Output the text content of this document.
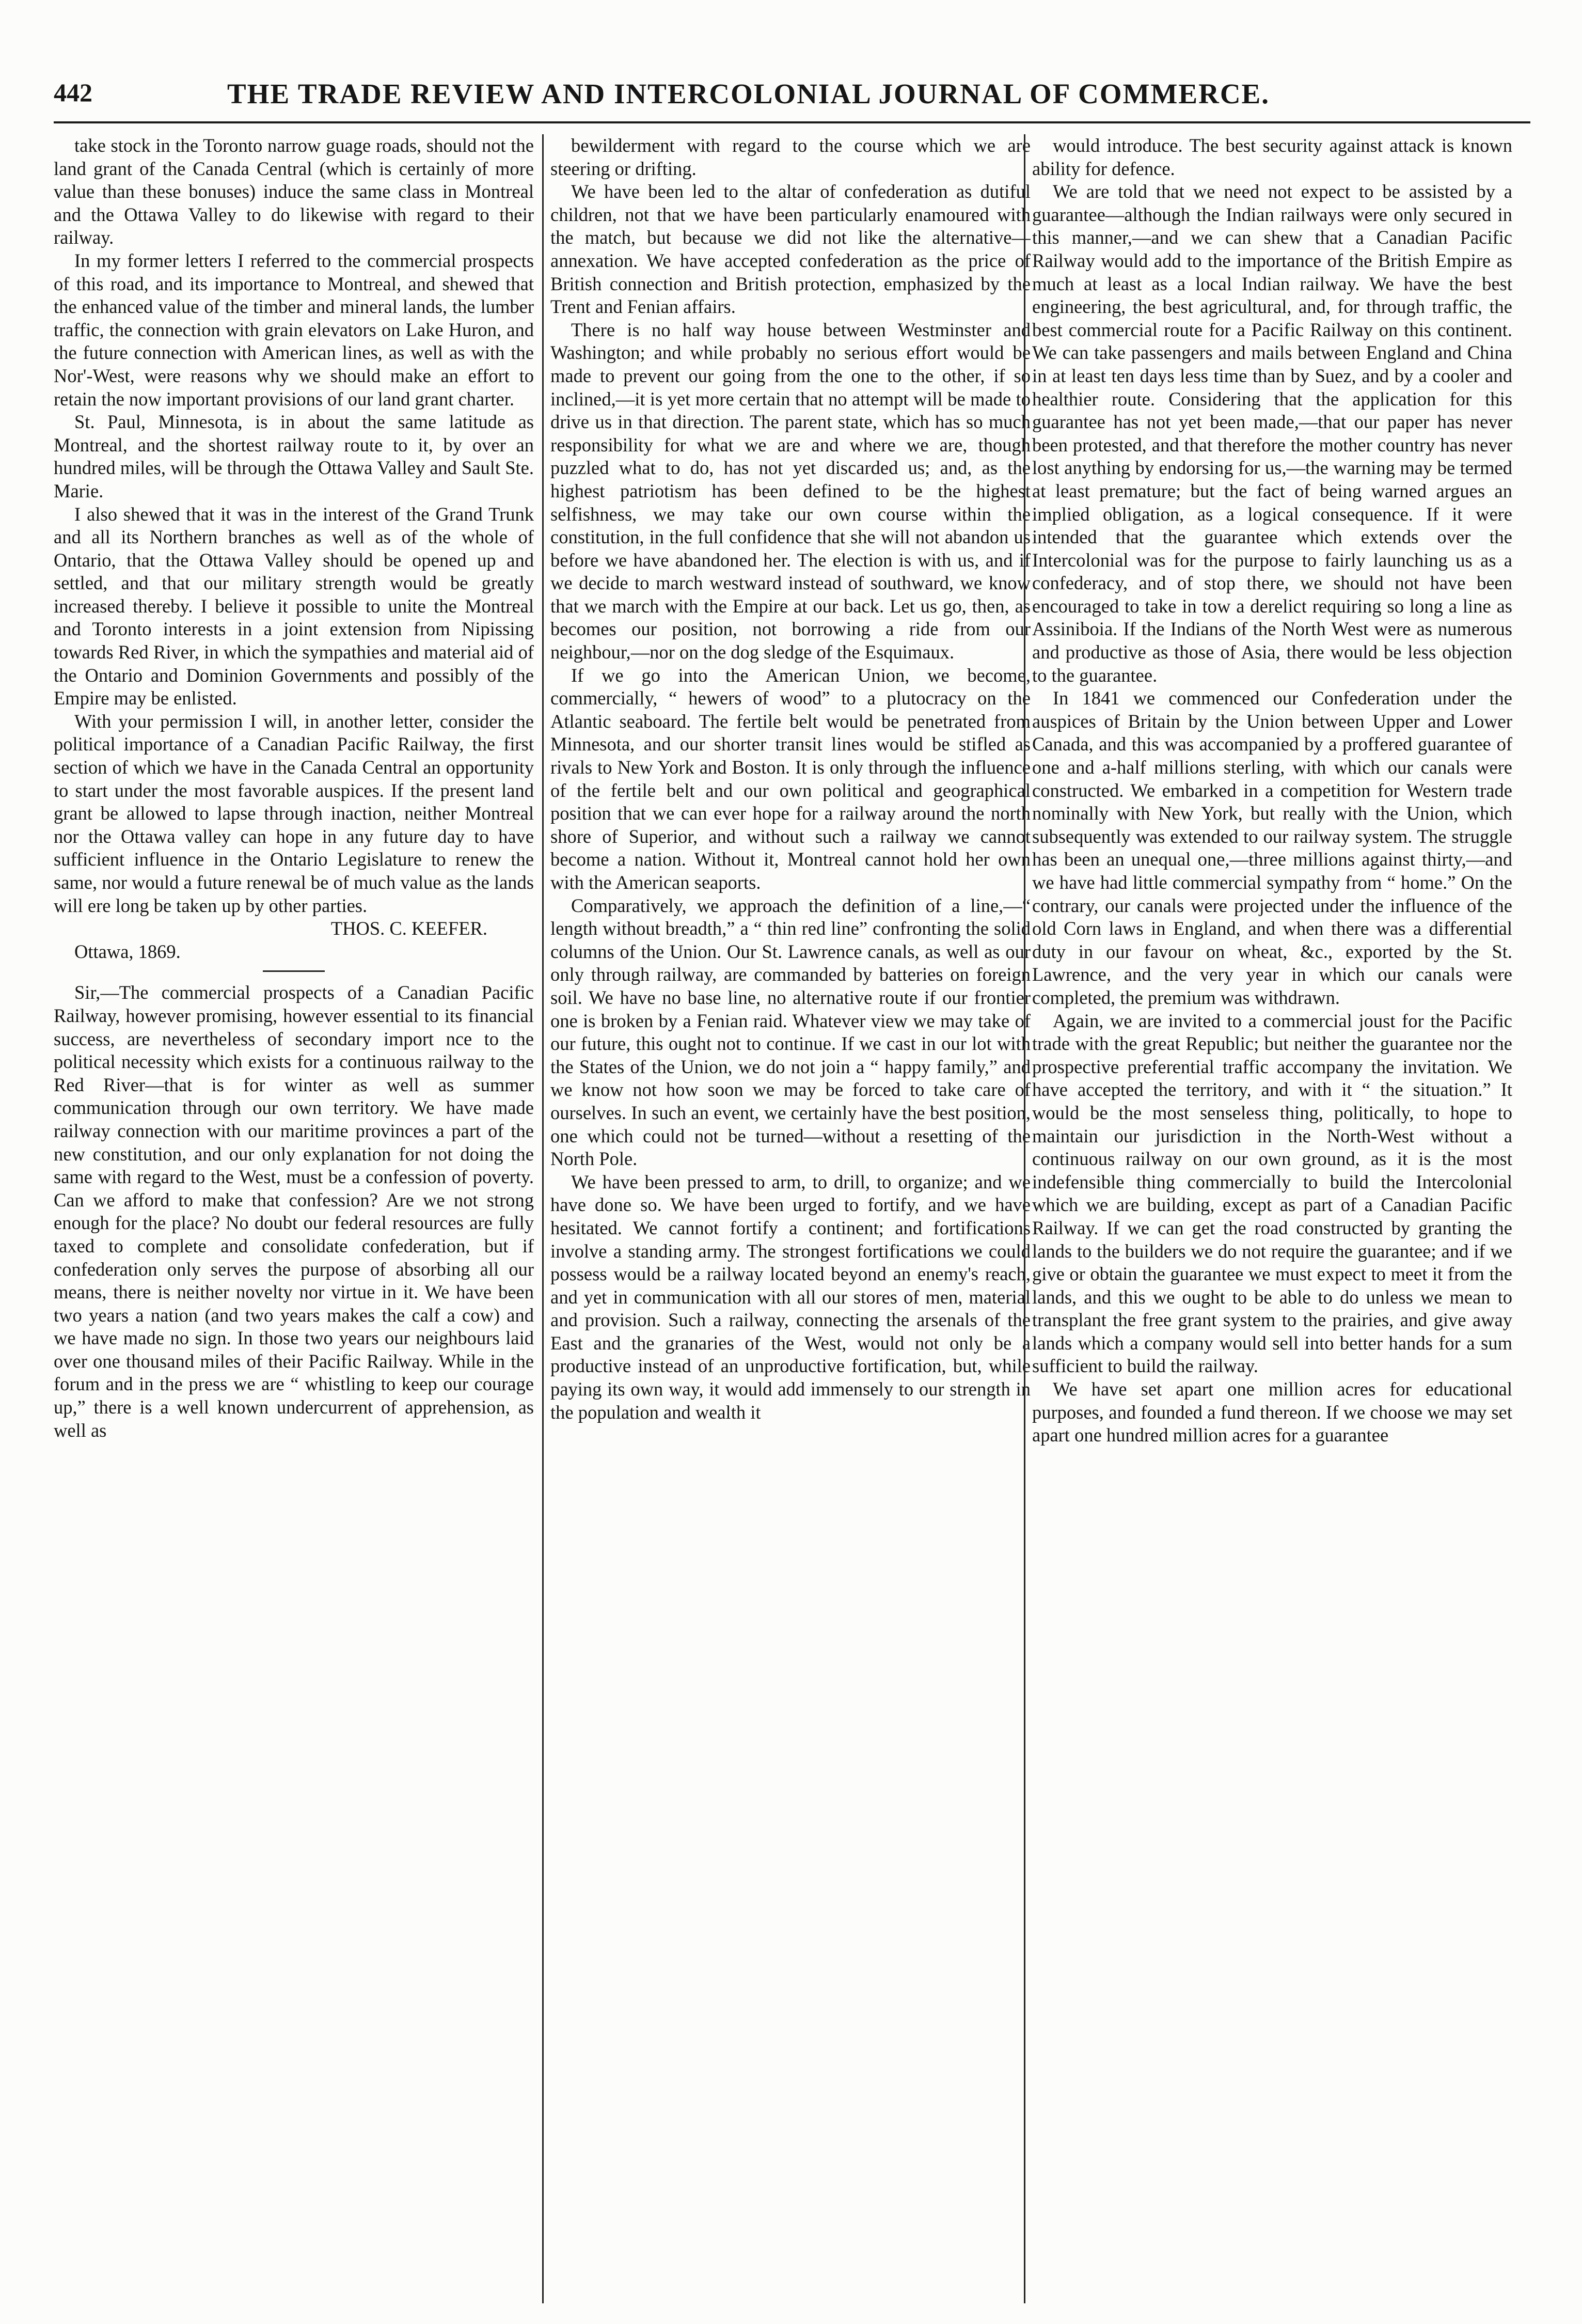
442	THE TRADE REVIEW AND INTERCOLONIAL JOURNAL OF COMMERCE.

take stock in the Toronto narrow guage roads, should not the land grant of the Canada Central (which is certainly of more value than these bonuses) induce the same class in Montreal and the Ottawa Valley to do likewise with regard to their railway.

In my former letters I referred to the commercial prospects of this road, and its importance to Montreal, and shewed that the enhanced value of the timber and mineral lands, the lumber traffic, the connection with grain elevators on Lake Huron, and the future connection with American lines, as well as with the Nor'-West, were reasons why we should make an effort to retain the now important provisions of our land grant charter.

St. Paul, Minnesota, is in about the same latitude as Montreal, and the shortest railway route to it, by over an hundred miles, will be through the Ottawa Valley and Sault Ste. Marie.

I also shewed that it was in the interest of the Grand Trunk and all its Northern branches as well as of the whole of Ontario, that the Ottawa Valley should be opened up and settled, and that our military strength would be greatly increased thereby. I believe it possible to unite the Montreal and Toronto interests in a joint extension from Nipissing towards Red River, in which the sympathies and material aid of the Ontario and Dominion Governments and possibly of the Empire may be enlisted.

With your permission I will, in another letter, consider the political importance of a Canadian Pacific Railway, the first section of which we have in the Canada Central an opportunity to start under the most favorable auspices. If the present land grant be allowed to lapse through inaction, neither Montreal nor the Ottawa valley can hope in any future day to have sufficient influence in the Ontario Legislature to renew the same, nor would a future renewal be of much value as the lands will ere long be taken up by other parties.

THOS. C. KEEFER.

Ottawa, 1869.

Sir,—The commercial prospects of a Canadian Pacific Railway, however promising, however essential to its financial success, are nevertheless of secondary import nce to the political necessity which exists for a continuous railway to the Red River—that is for winter as well as summer communication through our own territory. We have made railway connection with our maritime provinces a part of the new constitution, and our only explanation for not doing the same with regard to the West, must be a confession of poverty. Can we afford to make that confession? Are we not strong enough for the place? No doubt our federal resources are fully taxed to complete and consolidate confederation, but if confederation only serves the purpose of absorbing all our means, there is neither novelty nor virtue in it. We have been two years a nation (and two years makes the calf a cow) and we have made no sign. In those two years our neighbours laid over one thousand miles of their Pacific Railway. While in the forum and in the press we are “ whistling to keep our courage up,” there is a well known undercurrent of apprehension, as well as

bewilderment with regard to the course which we are steering or drifting.

We have been led to the altar of confederation as dutiful children, not that we have been particularly enamoured with the match, but because we did not like the alternative—annexation. We have accepted confederation as the price of British connection and British protection, emphasized by the Trent and Fenian affairs.

There is no half way house between Westminster and Washington; and while probably no serious effort would be made to prevent our going from the one to the other, if so inclined,—it is yet more certain that no attempt will be made to drive us in that direction. The parent state, which has so much responsibility for what we are and where we are, though puzzled what to do, has not yet discarded us; and, as the highest patriotism has been defined to be the highest selfishness, we may take our own course within the constitution, in the full confidence that she will not abandon us before we have abandoned her. The election is with us, and if we decide to march westward instead of southward, we know that we march with the Empire at our back. Let us go, then, as becomes our position, not borrowing a ride from our neighbour,—nor on the dog sledge of the Esquimaux.

If we go into the American Union, we become, commercially, “ hewers of wood” to a plutocracy on the Atlantic seaboard. The fertile belt would be penetrated from Minnesota, and our shorter transit lines would be stifled as rivals to New York and Boston. It is only through the influence of the fertile belt and our own political and geographical position that we can ever hope for a railway around the north shore of Superior, and without such a railway we cannot become a nation. Without it, Montreal cannot hold her own with the American seaports.

Comparatively, we approach the definition of a line,—“ length without breadth,” a “ thin red line” confronting the solid columns of the Union. Our St. Lawrence canals, as well as our only through railway, are commanded by batteries on foreign soil. We have no base line, no alternative route if our frontier one is broken by a Fenian raid. Whatever view we may take of our future, this ought not to continue. If we cast in our lot with the States of the Union, we do not join a “ happy family,” and we know not how soon we may be forced to take care of ourselves. In such an event, we certainly have the best position, one which could not be turned—without a resetting of the North Pole.

We have been pressed to arm, to drill, to organize; and we have done so. We have been urged to fortify, and we have hesitated. We cannot fortify a continent; and fortifications involve a standing army. The strongest fortifications we could possess would be a railway located beyond an enemy's reach, and yet in communication with all our stores of men, material and provision. Such a railway, connecting the arsenals of the East and the granaries of the West, would not only be a productive instead of an unproductive fortification, but, while paying its own way, it would add immensely to our strength in the population and wealth it

would introduce. The best security against attack is known ability for defence.

We are told that we need not expect to be assisted by a guarantee—although the Indian railways were only secured in this manner,—and we can shew that a Canadian Pacific Railway would add to the importance of the British Empire as much at least as a local Indian railway. We have the best engineering, the best agricultural, and, for through traffic, the best commercial route for a Pacific Railway on this continent. We can take passengers and mails between England and China in at least ten days less time than by Suez, and by a cooler and healthier route. Considering that the application for this guarantee has not yet been made,—that our paper has never been protested, and that therefore the mother country has never lost anything by endorsing for us,—the warning may be termed at least premature; but the fact of being warned argues an implied obligation, as a logical consequence. If it were intended that the guarantee which extends over the Intercolonial was for the purpose to fairly launching us as a confederacy, and of stop there, we should not have been encouraged to take in tow a derelict requiring so long a line as Assiniboia. If the Indians of the North West were as numerous and productive as those of Asia, there would be less objection to the guarantee.

In 1841 we commenced our Confederation under the auspices of Britain by the Union between Upper and Lower Canada, and this was accompanied by a proffered guarantee of one and a-half millions sterling, with which our canals were constructed. We embarked in a competition for Western trade nominally with New York, but really with the Union, which subsequently was extended to our railway system. The struggle has been an unequal one,—three millions against thirty,—and we have had little commercial sympathy from “ home.” On the contrary, our canals were projected under the influence of the old Corn laws in England, and when there was a differential duty in our favour on wheat, &c., exported by the St. Lawrence, and the very year in which our canals were completed, the premium was withdrawn.

Again, we are invited to a commercial joust for the Pacific trade with the great Republic; but neither the guarantee nor the prospective preferential traffic accompany the invitation. We have accepted the territory, and with it “ the situation.” It would be the most senseless thing, politically, to hope to maintain our jurisdiction in the North-West without a continuous railway on our own ground, as it is the most indefensible thing commercially to build the Intercolonial which we are building, except as part of a Canadian Pacific Railway. If we can get the road constructed by granting the lands to the builders we do not require the guarantee; and if we give or obtain the guarantee we must expect to meet it from the lands, and this we ought to be able to do unless we mean to transplant the free grant system to the prairies, and give away lands which a company would sell into better hands for a sum sufficient to build the railway.

We have set apart one million acres for educational purposes, and founded a fund thereon. If we choose we may set apart one hundred million acres for a guarantee
